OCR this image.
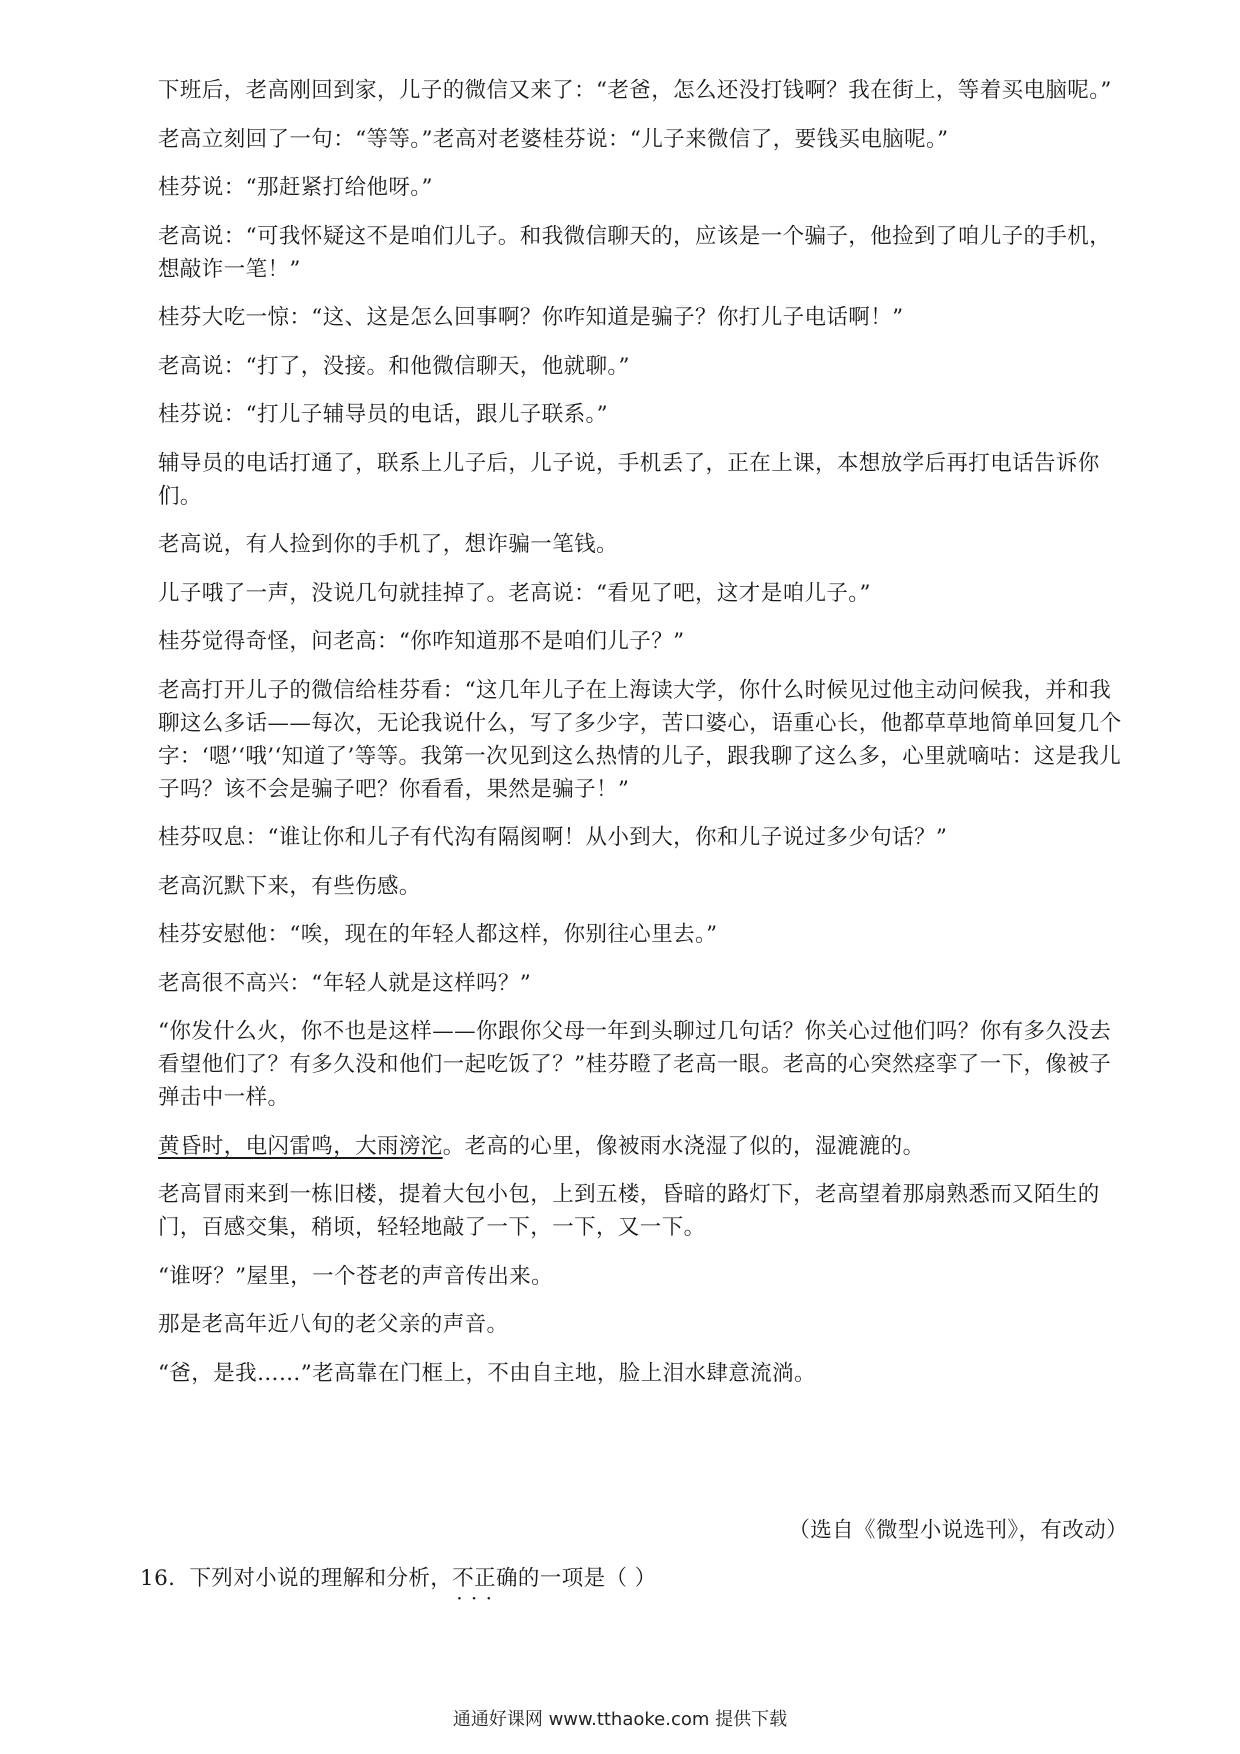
下班后，老高刚回到家，儿子的微信又来了：“老爸，怎么还没打钱啊？我在街上，等着买电脑呢。”

老高立刻回了一句：“等等。”老高对老婆桂芬说：“儿子来微信了，要钱买电脑呢。”

桂芬说：“那赶紧打给他呀。”

老高说：“可我怀疑这不是咱们儿子。和我微信聊天的，应该是一个骗子，他捡到了咱儿子的手机，想敲诈一笔！”

桂芬大吃一惊：“这、这是怎么回事啊？你咋知道是骗子？你打儿子电话啊！”

老高说：“打了，没接。和他微信聊天，他就聊。”

桂芬说：“打儿子辅导员的电话，跟儿子联系。”

辅导员的电话打通了，联系上儿子后，儿子说，手机丢了，正在上课，本想放学后再打电话告诉你们。

老高说，有人捡到你的手机了，想诈骗一笔钱。

儿子哦了一声，没说几句就挂掉了。老高说：“看见了吧，这才是咱儿子。”

桂芬觉得奇怪，问老高：“你咋知道那不是咱们儿子？”

老高打开儿子的微信给桂芬看：“这几年儿子在上海读大学，你什么时候见过他主动问候我，并和我聊这么多话——每次，无论我说什么，写了多少字，苦口婆心，语重心长，他都草草地简单回复几个字：‘嗯’‘哦’‘知道了’等等。我第一次见到这么热情的儿子，跟我聊了这么多，心里就嘀咕：这是我儿子吗？该不会是骗子吧？你看看，果然是骗子！”

桂芬叹息：“谁让你和儿子有代沟有隔阂啊！从小到大，你和儿子说过多少句话？”

老高沉默下来，有些伤感。

桂芬安慰他：“唉，现在的年轻人都这样，你别往心里去。”

老高很不高兴：“年轻人就是这样吗？”

“你发什么火，你不也是这样——你跟你父母一年到头聊过几句话？你关心过他们吗？你有多久没去看望他们了？有多久没和他们一起吃饭了？”桂芬瞪了老高一眼。老高的心突然痉挛了一下，像被子弹击中一样。

黄昏时，电闪雷鸣，大雨滂沱。老高的心里，像被雨水浇湿了似的，湿漉漉的。

老高冒雨来到一栋旧楼，提着大包小包，上到五楼，昏暗的路灯下，老高望着那扇熟悉而又陌生的门，百感交集，稍顷，轻轻地敲了一下，一下，又一下。

“谁呀？”屋里，一个苍老的声音传出来。

那是老高年近八旬的老父亲的声音。

“爸，是我……”老高靠在门框上，不由自主地，脸上泪水肆意流淌。

（选自《微型小说选刊》，有改动）
16. 下列对小说的理解和分析，不正确 · · ·的一项是（ ）
通通好课网 www.tthaoke.com 提供下载
